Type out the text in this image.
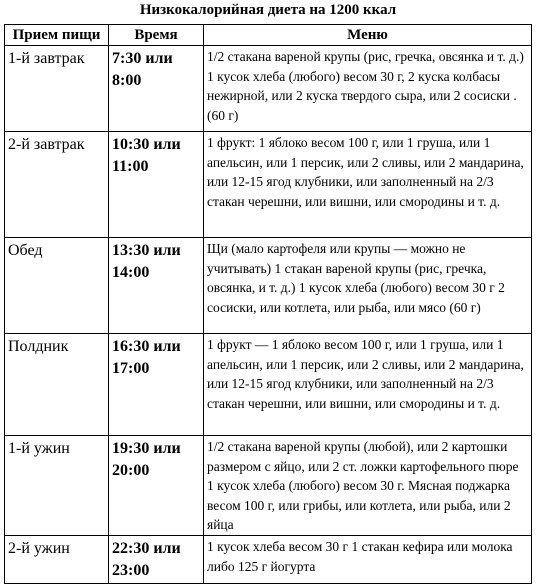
Низкокалорийная диета на 1200 ккал
Прием пищи	Время	Меню
1-й завтрак	7:30 или 8:00	1/2 стакана вареной крупы (рис, гречка, овсянка и т. д.) 1 кусок хлеба (любого) весом 30 г, 2 куска колбасы нежирной, или 2 куска твердого сыра, или 2 сосиски .(60 г)
2-й завтрак	10:30 или 11:00	1 фрукт: 1 яблоко весом 100 г, или 1 груша, или 1 апельсин, или 1 персик, или 2 сливы, или 2 мандарина, или 12-15 ягод клубники, или заполненный на 2/3 стакан черешни, или вишни, или смородины и т. д.
Обед	13:30 или 14:00	Щи (мало картофеля или крупы — можно не учитывать) 1 стакан вареной крупы (рис, гречка, овсянка, и т. д.) 1 кусок хлеба (любого) весом 30 г 2 сосиски, или котлета, или рыба, или мясо (60 г)
Полдник	16:30 или 17:00	1 фрукт — 1 яблоко весом 100 г, или 1 груша, или 1 апельсин, или 1 персик, или 2 сливы, или 2 мандарина, или 12-15 ягод клубники, или заполненный на 2/3 стакан черешни, или вишни, или смородины и т. д.
1-й ужин	19:30 или 20:00	1/2 стакана вареной крупы (любой), или 2 картошки размером с яйцо, или 2 ст. ложки картофельного пюре 1 кусок хлеба (любого) весом 30 г. Мясная поджарка весом 100 г, или грибы, или котлета, или рыба, или 2 яйца
2-й ужин	22:30 или 23:00	1 кусок хлеба весом 30 г 1 стакан кефира или молока либо 125 г йогурта
